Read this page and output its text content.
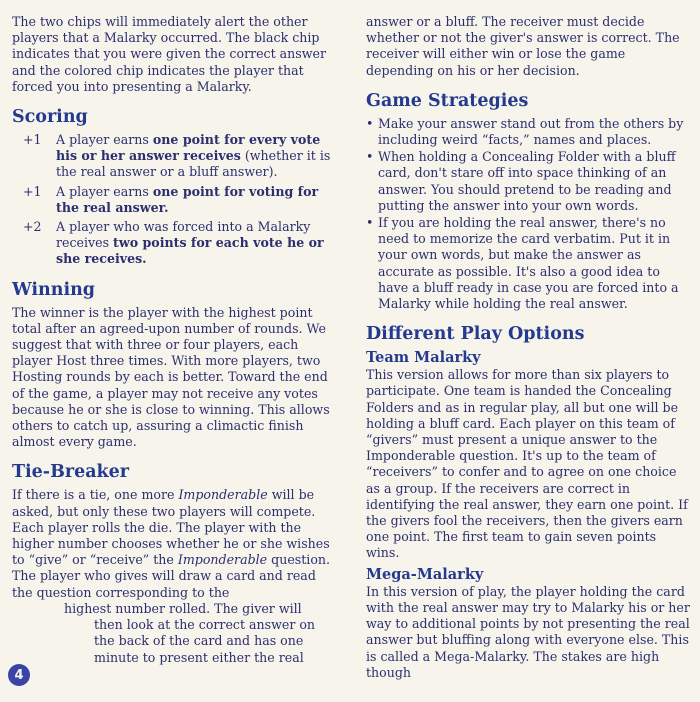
The two chips will immediately alert the other players that a Malarky occurred. The black chip indicates that you were given the correct answer and the colored chip indicates the player that forced you into presenting a Malarky.

Scoring
+1	A player earns one point for every vote his or her answer receives (whether it is the real answer or a bluff answer).
+1	A player earns one point for voting for the real answer.
+2	A player who was forced into a Malarky receives two points for each vote he or she receives.
Winning

The winner is the player with the highest point total after an agreed-upon number of rounds. We suggest that with three or four players, each player Host three times. With more players, two Hosting rounds by each is better. Toward the end of the game, a player may not receive any votes because he or she is close to winning. This allows others to catch up, assuring a climactic finish almost every game.

Tie-Breaker

If there is a tie, one more Imponderable will be asked, but only these two players will compete. Each player rolls the die. The player with the higher number chooses whether he or she wishes to “give” or “receive” the Imponderable question. The player who gives will draw a card and read the question corresponding to the
highest number rolled. The giver will
then look at the correct answer on
the back of the card and has one
minute to present either the real

4

answer or a bluff. The receiver must decide whether or not the giver's answer is correct. The receiver will either win or lose the game depending on his or her decision.

Game Strategies
• Make your answer stand out from the others by including weird “facts,” names and places.
• When holding a Concealing Folder with a bluff card, don't stare off into space thinking of an answer. You should pretend to be reading and putting the answer into your own words.
• If you are holding the real answer, there's no need to memorize the card verbatim. Put it in your own words, but make the answer as accurate as possible. It's also a good idea to have a bluff ready in case you are forced into a Malarky while holding the real answer.
Different Play Options
Team Malarky

This version allows for more than six players to participate. One team is handed the Concealing Folders and as in regular play, all but one will be holding a bluff card. Each player on this team of “givers” must present a unique answer to the Imponderable question. It's up to the team of “receivers” to confer and to agree on one choice as a group. If the receivers are correct in identifying the real answer, they earn one point. If the givers fool the receivers, then the givers earn one point. The first team to gain seven points wins.

Mega-Malarky

In this version of play, the player holding the card with the real answer may try to Malarky his or her way to additional points by not presenting the real answer but bluffing along with everyone else. This is called a Mega-Malarky. The stakes are high though
